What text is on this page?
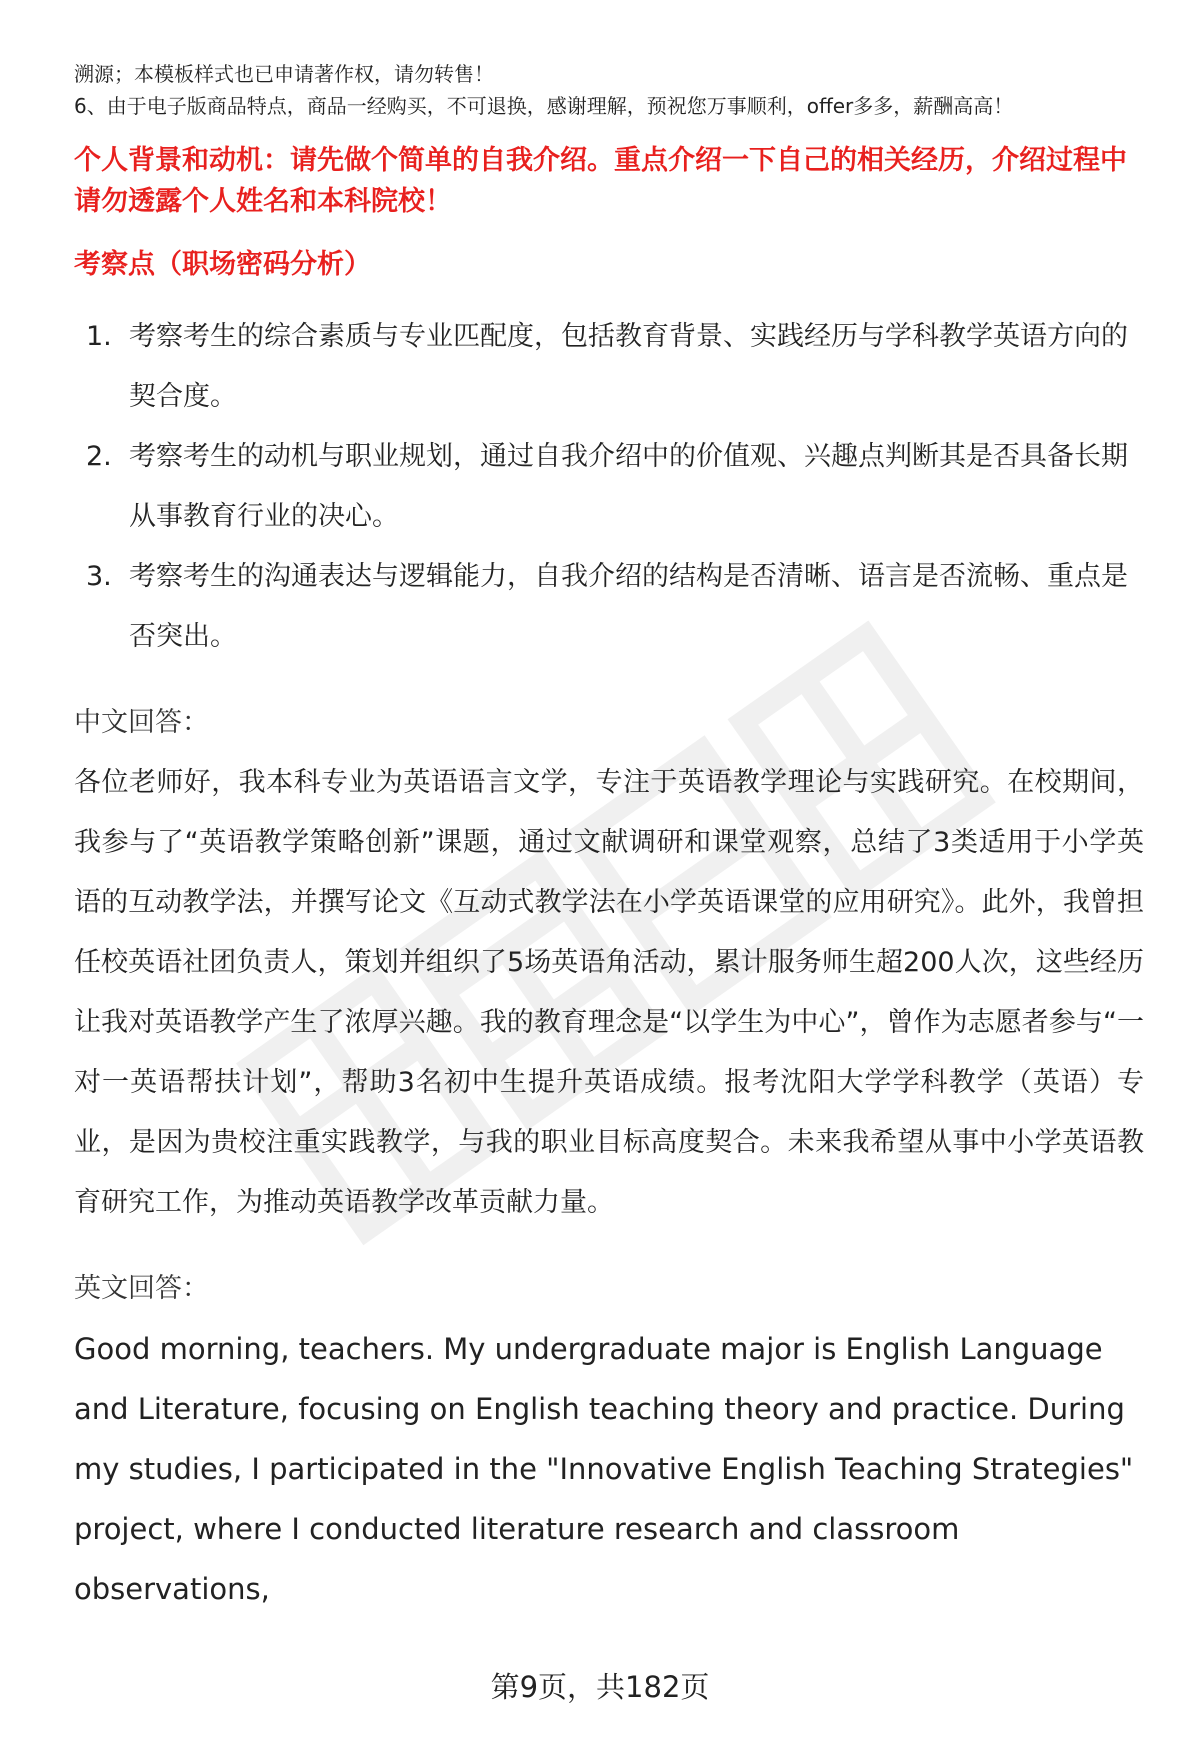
溯源；本模板样式也已申请著作权，请勿转售！

6、由于电子版商品特点，商品一经购买，不可退换，感谢理解，预祝您万事顺利，offer多多，薪酬高高！

个人背景和动机：请先做个简单的自我介绍。重点介绍一下自己的相关经历，介绍过程中请勿透露个人姓名和本科院校！

考察点（职场密码分析）

1. 考察考生的综合素质与专业匹配度，包括教育背景、实践经历与学科教学英语方向的契合度。
2. 考察考生的动机与职业规划，通过自我介绍中的价值观、兴趣点判断其是否具备长期从事教育行业的决心。
3. 考察考生的沟通表达与逻辑能力，自我介绍的结构是否清晰、语言是否流畅、重点是否突出。

中文回答：

各位老师好，我本科专业为英语语言文学，专注于英语教学理论与实践研究。在校期间，我参与了“英语教学策略创新”课题，通过文献调研和课堂观察，总结了3类适用于小学英语的互动教学法，并撰写论文《互动式教学法在小学英语课堂的应用研究》。此外，我曾担任校英语社团负责人，策划并组织了5场英语角活动，累计服务师生超200人次，这些经历让我对英语教学产生了浓厚兴趣。我的教育理念是“以学生为中心”，曾作为志愿者参与“一对一英语帮扶计划”，帮助3名初中生提升英语成绩。报考沈阳大学学科教学（英语）专业，是因为贵校注重实践教学，与我的职业目标高度契合。未来我希望从事中小学英语教育研究工作，为推动英语教学改革贡献力量。

英文回答：

Good morning, teachers. My undergraduate major is English Language and Literature, focusing on English teaching theory and practice. During my studies, I participated in the "Innovative English Teaching Strategies" project, where I conducted literature research and classroom observations,

第9页，共182页
